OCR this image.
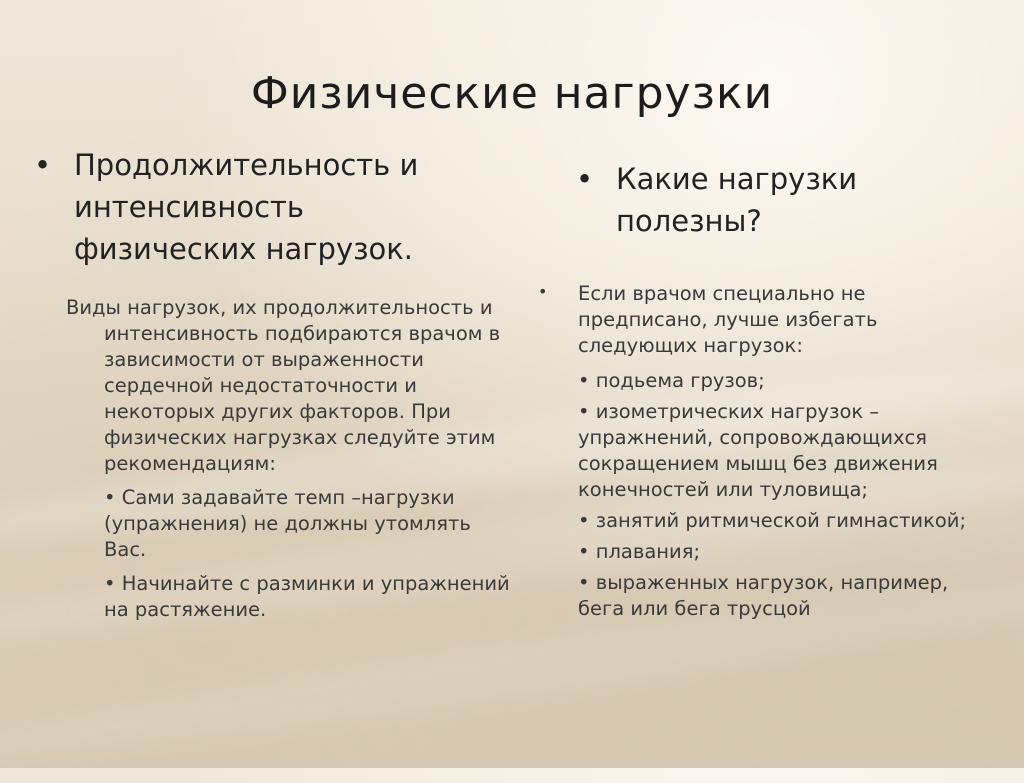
Физические нагрузки
• Продолжительность и интенсивность физических нагрузок.
• Какие нагрузки полезны?

Виды нагрузок, их продолжительность и интенсивность подбираются врачом в зависимости от выраженности сердечной недостаточности и некоторых других факторов. При физических нагрузках следуйте этим рекомендациям:

• Сами задавайте темп –нагрузки (упражнения) не должны утомлять Вас.

• Начинайте с разминки и упражнений на растяжение.

• Если врачом специально не предписано, лучше избегать следующих нагрузок:

• подьема грузов;

• изометрических нагрузок – упражнений, сопровождающихся сокращением мышц без движения конечностей или туловища;

• занятий ритмической гимнастикой;

• плавания;

• выраженных нагрузок, например, бега или бега трусцой
